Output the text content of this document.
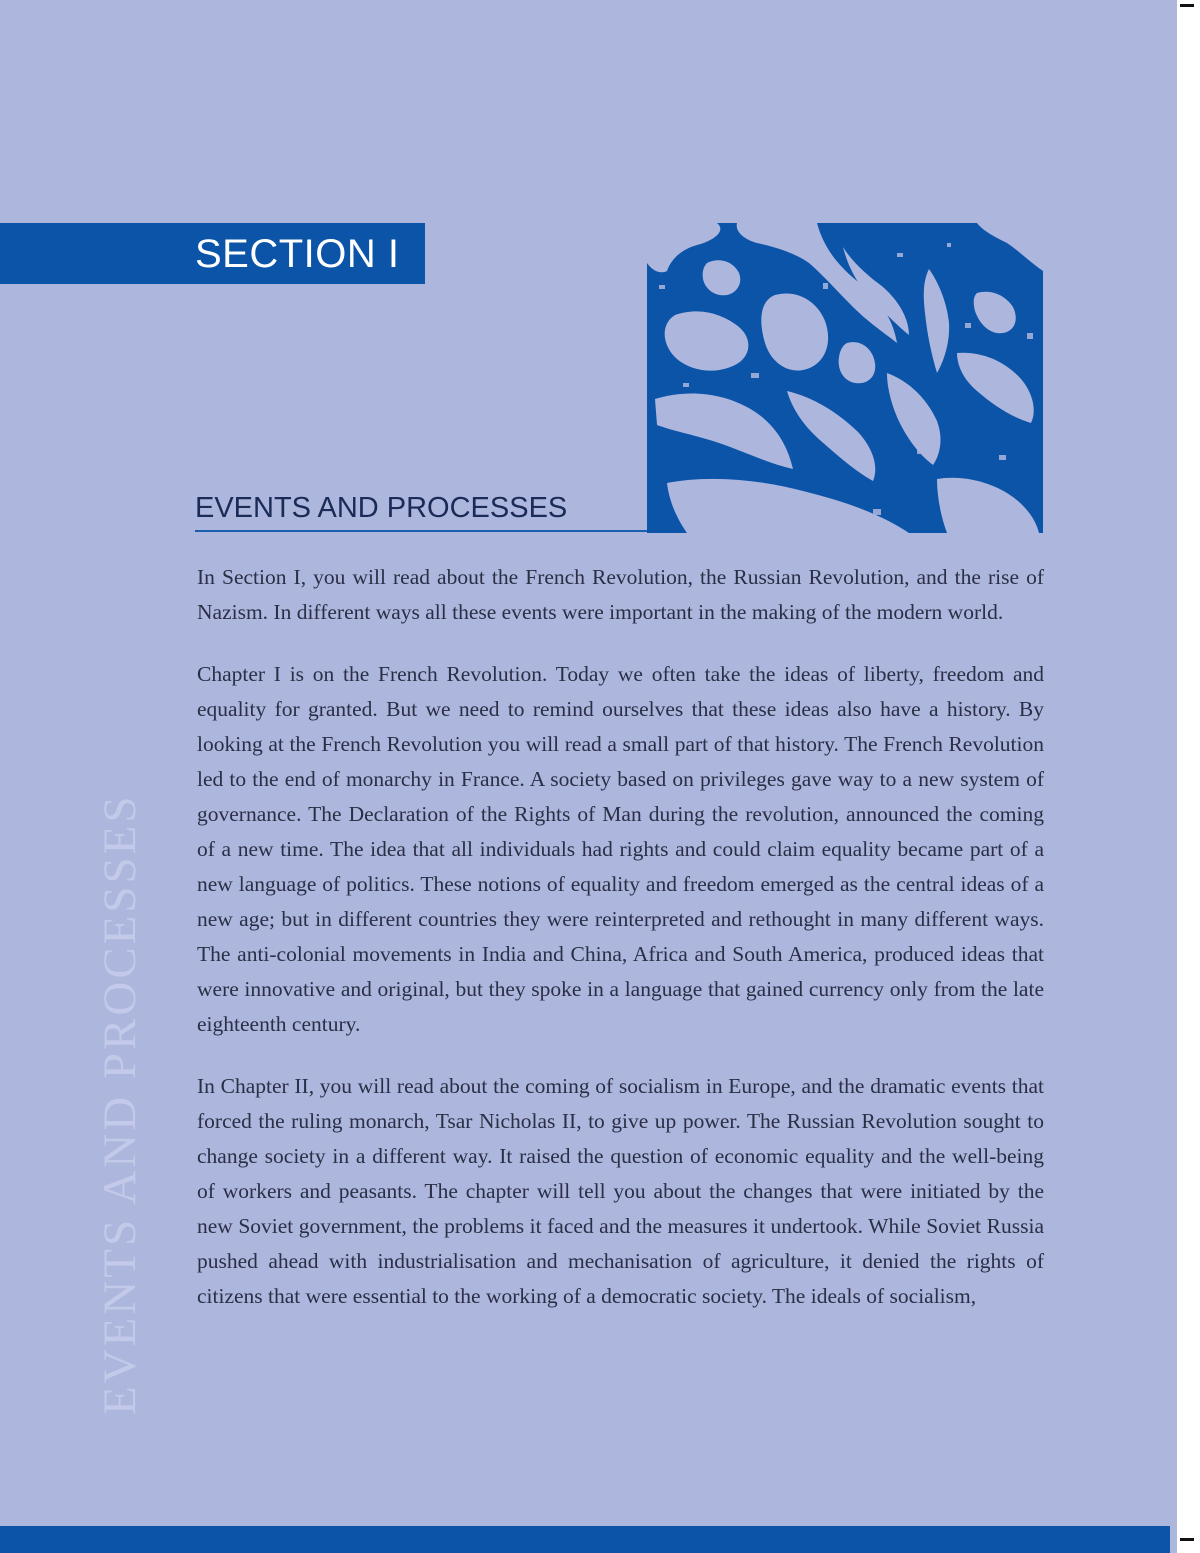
SECTION I
EVENTS AND PROCESSES
EVENTS AND PROCESSES

In Section I, you will read about the French Revolution, the Russian Revolution, and the rise of Nazism. In different ways all these events were important in the making of the modern world.

Chapter I is on the French Revolution. Today we often take the ideas of liberty, freedom and equality for granted. But we need to remind ourselves that these ideas also have a history. By looking at the French Revolution you will read a small part of that history. The French Revolution led to the end of monarchy in France. A society based on privileges gave way to a new system of governance. The Declaration of the Rights of Man during the revolution, announced the coming of a new time. The idea that all individuals had rights and could claim equality became part of a new language of politics. These notions of equality and freedom emerged as the central ideas of a new age; but in different countries they were reinterpreted and rethought in many different ways. The anti-colonial movements in India and China, Africa and South America, produced ideas that were innovative and original, but they spoke in a language that gained currency only from the late eighteenth century.

In Chapter II, you will read about the coming of socialism in Europe, and the dramatic events that forced the ruling monarch, Tsar Nicholas II, to give up power. The Russian Revolution sought to change society in a different way. It raised the question of economic equality and the well-being of workers and peasants. The chapter will tell you about the changes that were initiated by the new Soviet government, the problems it faced and the measures it undertook. While Soviet Russia pushed ahead with industrialisation and mechanisation of agriculture, it denied the rights of citizens that were essential to the working of a democratic society. The ideals of socialism,
